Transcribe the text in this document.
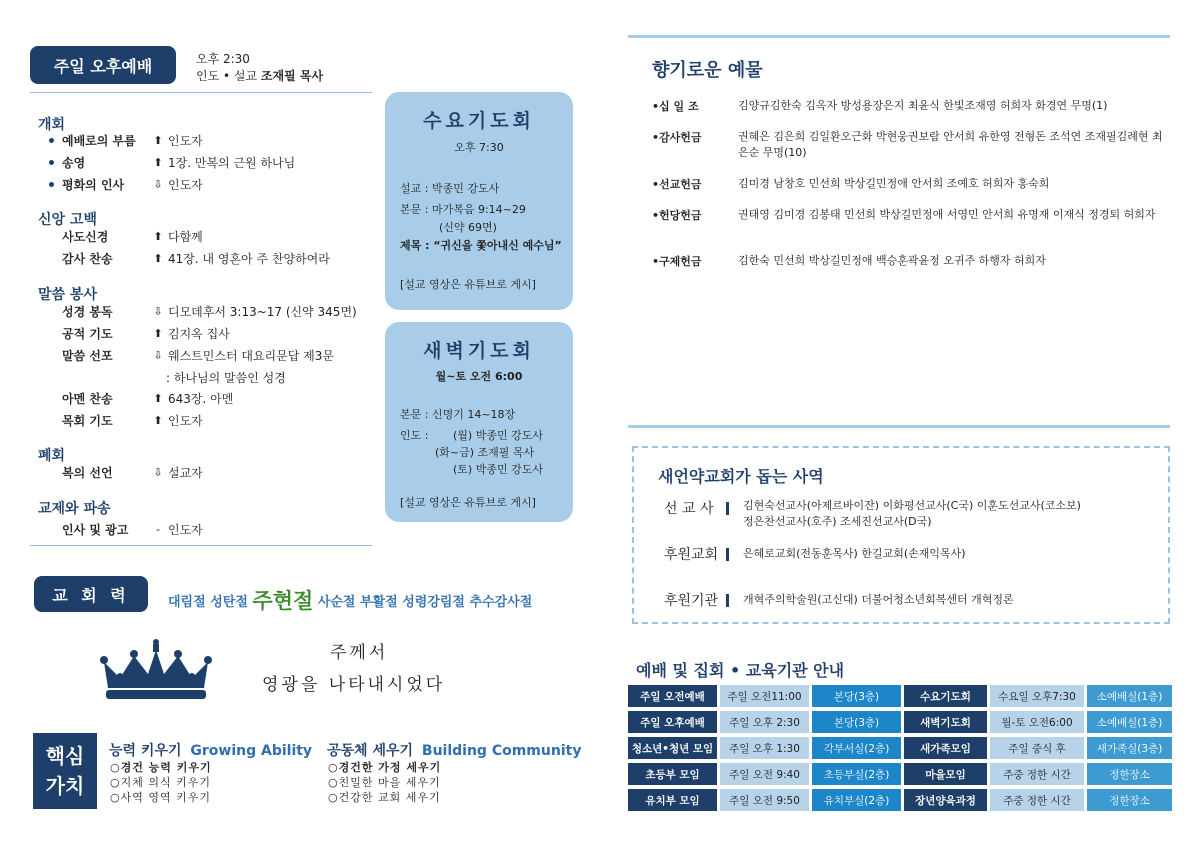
주일 오후예배	오후 2:30
인도 • 설교 조재필 목사
개회
예배로의 부름	⬆ 인도자
송영	⬆ 1장. 만복의 근원 하나님
평화의 인사	⇩ 인도자
신앙 고백
사도신경	⬆ 다함께
감사 찬송	⬆ 41장. 내 영혼아 주 찬양하여라
말씀 봉사
성경 봉독	⇩ 디모데후서 3:13~17 (신약 345면)
공적 기도	⬆ 김지옥 집사
말씀 선포	⇩ 웨스트민스터 대요리문답 제3문
: 하나님의 말씀인 성경
아멘 찬송	⬆ 643장. 아멘
목회 기도	⬆ 인도자
폐회
복의 선언	⇩ 설교자
교제와 파송
인사 및 광고	- 인도자
수요기도회
오후 7:30
설교 : 박종민 강도사
본문 : 마가복음 9:14~29
(신약 69면)
제목 : “귀신을 쫓아내신 예수님”
[설교 영상은 유튜브로 게시]
새벽기도회
월~토 오전 6:00
본문 : 신명기 14~18장
인도 : (월) 박종민 강도사
(화~금) 조재필 목사
(토) 박종민 강도사
[설교 영상은 유튜브로 게시]
교 회 력	대림절 성탄절 주현절 사순절 부활절 성령강림절 추수감사절
주께서
영광을 나타내시었다
핵심
가치
능력 키우기 Growing Ability
○경건 능력 키우기
○지체 의식 키우기
○사역 영역 키우기
공동체 세우기 Building Community
○경건한 가정 세우기
○친밀한 마을 세우기
○건강한 교회 세우기
향기로운 예물
•십 일 조	김양규김한숙 김옥자 방성용장은지 최윤식 한빛조재영 허희자 화경연 무명(1)
•감사헌금	권혜은 김은희 김일환오근화 박현웅권보람 안서희 유한영 전형돈 조석연 조재필김례현 최은순 무명(10)
•선교헌금	김미경 남창호 민선희 박상길민정애 안서희 조예호 허희자 홍숙희
•헌당헌금	권태영 김미경 김봉태 민선희 박상길민정애 서영민 안서희 유명재 이재식 정경퇴 허희자
•구제헌금	김한숙 민선희 박상길민정애 백승훈곽윤정 오귀주 하행자 허희자
새언약교회가 돕는 사역
선 교 사	김현숙선교사(아제르바이잔) 이화평선교사(C국) 이훈도선교사(코소보)
정은찬선교사(호주) 조세진선교사(D국)
후원교회	은혜로교회(전동훈목사) 한길교회(손재익목사)
후원기관	개혁주의학술원(고신대) 더불어청소년회복센터 개혁정론
예배 및 집회 • 교육기관 안내
주일 오전예배	주일 오전11:00	본당(3층)	수요기도회	수요일 오후7:30	소예배실(1층)
주일 오후예배	주일 오후 2:30	본당(3층)	새벽기도회	월-토 오전6:00	소예배실(1층)
청소년•청년 모임	주일 오후 1:30	각부서실(2층)	새가족모임	주일 중식 후	새가족실(3층)
초등부 모임	주일 오전 9:40	초등부실(2층)	마을모임	주중 정한 시간	정한장소
유치부 모임	주일 오전 9:50	유치부실(2층)	장년양육과정	주중 정한 시간	정한장소
